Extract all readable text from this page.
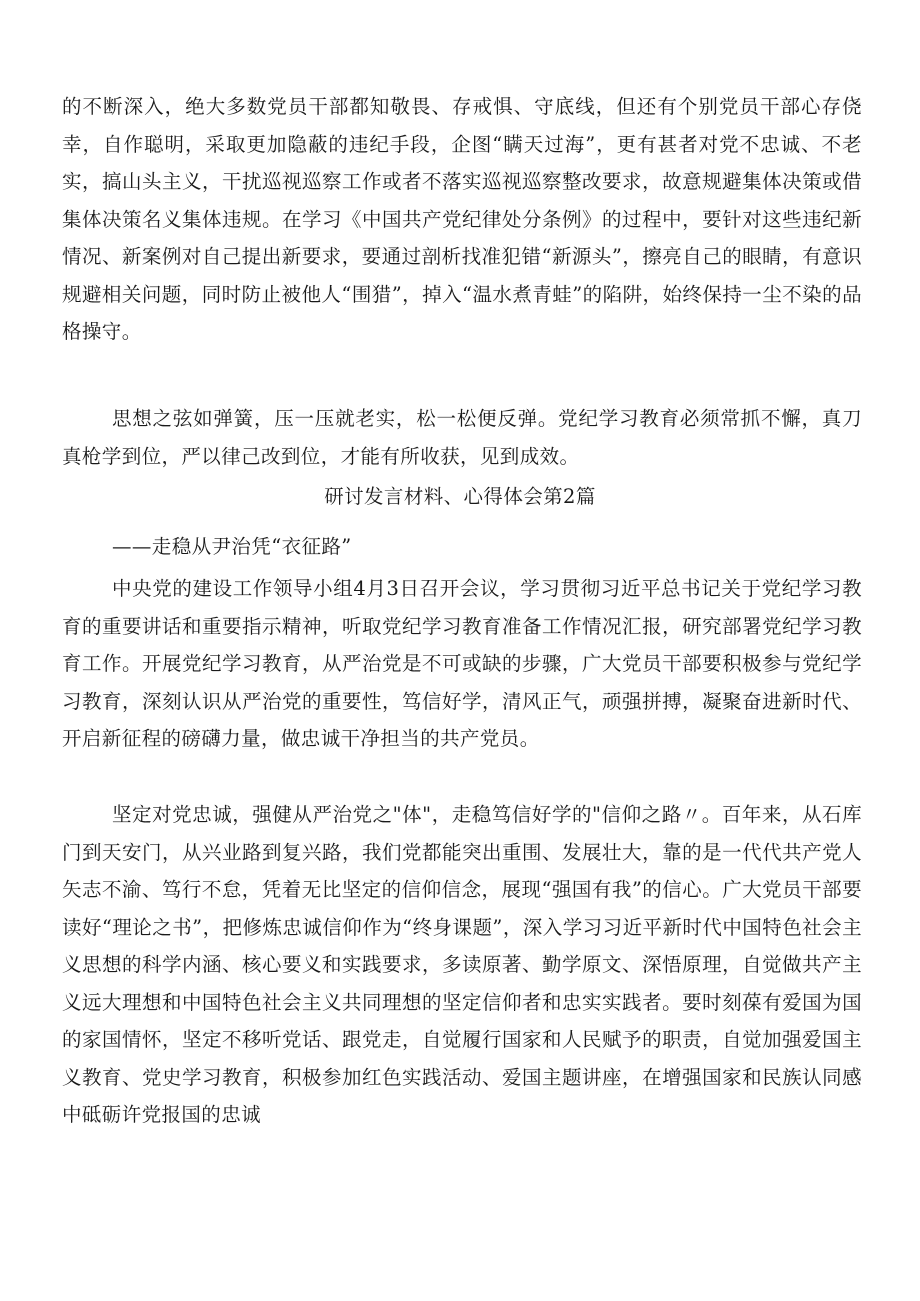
的不断深入，绝大多数党员干部都知敬畏、存戒惧、守底线，但还有个别党员干部心存侥幸，自作聪明，采取更加隐蔽的违纪手段，企图“瞒天过海”，更有甚者对党不忠诚、不老实，搞山头主义，干扰巡视巡察工作或者不落实巡视巡察整改要求，故意规避集体决策或借集体决策名义集体违规。在学习《中国共产党纪律处分条例》的过程中，要针对这些违纪新情况、新案例对自己提出新要求，要通过剖析找准犯错“新源头”，擦亮自己的眼睛，有意识规避相关问题，同时防止被他人“围猎”，掉入“温水煮青蛙”的陷阱，始终保持一尘不染的品格操守。

思想之弦如弹簧，压一压就老实，松一松便反弹。党纪学习教育必须常抓不懈，真刀真枪学到位，严以律己改到位，才能有所收获，见到成效。

研讨发言材料、心得体会第2篇

——走稳从尹治凭“衣征路”

中央党的建设工作领导小组4月3日召开会议，学习贯彻习近平总书记关于党纪学习教育的重要讲话和重要指示精神，听取党纪学习教育准备工作情况汇报，研究部署党纪学习教育工作。开展党纪学习教育，从严治党是不可或缺的步骤，广大党员干部要积极参与党纪学习教育，深刻认识从严治党的重要性，笃信好学，清风正气，顽强拼搏，凝聚奋进新时代、开启新征程的磅礴力量，做忠诚干净担当的共产党员。

坚定对党忠诚，强健从严治党之"体"，走稳笃信好学的"信仰之路〃。百年来，从石库门到天安门，从兴业路到复兴路，我们党都能突出重围、发展壮大，靠的是一代代共产党人矢志不渝、笃行不怠，凭着无比坚定的信仰信念，展现“强国有我”的信心。广大党员干部要读好“理论之书”，把修炼忠诚信仰作为“终身课题”，深入学习习近平新时代中国特色社会主义思想的科学内涵、核心要义和实践要求，多读原著、勤学原文、深悟原理，自觉做共产主义远大理想和中国特色社会主义共同理想的坚定信仰者和忠实实践者。要时刻葆有爱国为国的家国情怀，坚定不移听党话、跟党走，自觉履行国家和人民赋予的职责，自觉加强爱国主义教育、党史学习教育，积极参加红色实践活动、爱国主题讲座，在增强国家和民族认同感中砥砺许党报国的忠诚
